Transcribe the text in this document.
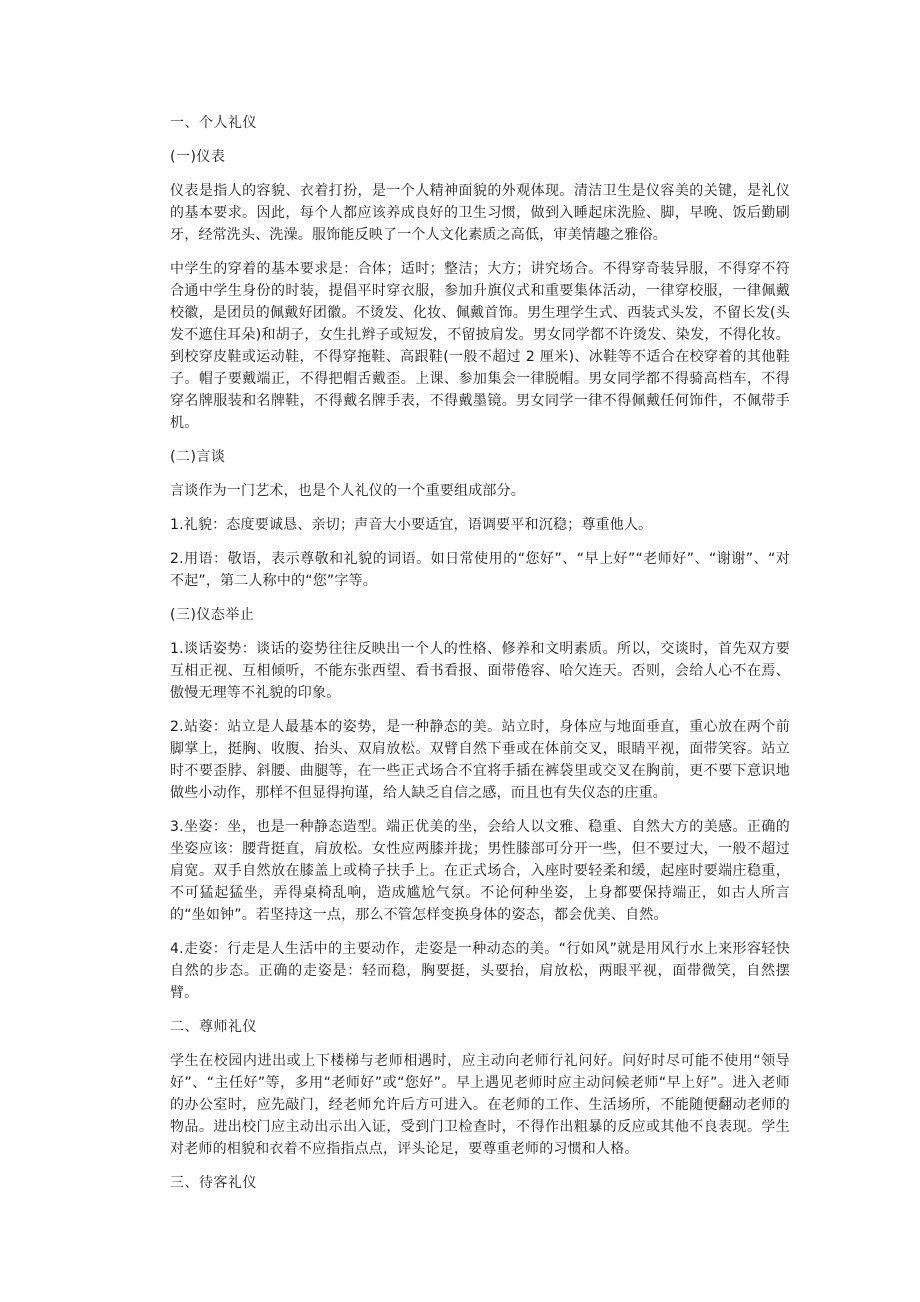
一、个人礼仪
(一)仪表
仪表是指人的容貌、衣着打扮，是一个人精神面貌的外观体现。清洁卫生是仪容美的关键，是礼仪的基本要求。因此，每个人都应该养成良好的卫生习惯，做到入睡起床洗脸、脚，早晚、饭后勤刷牙，经常洗头、洗澡。服饰能反映了一个人文化素质之高低，审美情趣之雅俗。
中学生的穿着的基本要求是：合体；适时；整洁；大方；讲究场合。不得穿奇装异服，不得穿不符合通中学生身份的时装，提倡平时穿衣服，参加升旗仪式和重要集体活动，一律穿校服，一律佩戴校徽，是团员的佩戴好团徽。不烫发、化妆、佩戴首饰。男生理学生式、西装式头发，不留长发(头发不遮住耳朵)和胡子，女生扎辫子或短发，不留披肩发。男女同学都不许烫发、染发，不得化妆。到校穿皮鞋或运动鞋，不得穿拖鞋、高跟鞋(一般不超过 2 厘米)、冰鞋等不适合在校穿着的其他鞋子。帽子要戴端正，不得把帽舌戴歪。上课、参加集会一律脱帽。男女同学都不得骑高档车，不得穿名牌服装和名牌鞋，不得戴名牌手表，不得戴墨镜。男女同学一律不得佩戴任何饰件，不佩带手机。
(二)言谈
言谈作为一门艺术，也是个人礼仪的一个重要组成部分。
1.礼貌：态度要诚恳、亲切；声音大小要适宜，语调要平和沉稳；尊重他人。
2.用语：敬语，表示尊敬和礼貌的词语。如日常使用的“您好”、“早上好”“老师好”、“谢谢”、“对不起”，第二人称中的“您”字等。
(三)仪态举止
1.谈话姿势：谈话的姿势往往反映出一个人的性格、修养和文明素质。所以，交谈时，首先双方要互相正视、互相倾听，不能东张西望、看书看报、面带倦容、哈欠连天。否则，会给人心不在焉、傲慢无理等不礼貌的印象。
2.站姿：站立是人最基本的姿势，是一种静态的美。站立时，身体应与地面垂直，重心放在两个前脚掌上，挺胸、收腹、抬头、双肩放松。双臂自然下垂或在体前交叉，眼睛平视，面带笑容。站立时不要歪脖、斜腰、曲腿等，在一些正式场合不宜将手插在裤袋里或交叉在胸前，更不要下意识地做些小动作，那样不但显得拘谨，给人缺乏自信之感，而且也有失仪态的庄重。
3.坐姿：坐，也是一种静态造型。端正优美的坐，会给人以文雅、稳重、自然大方的美感。正确的坐姿应该：腰背挺直，肩放松。女性应两膝并拢；男性膝部可分开一些，但不要过大，一般不超过肩宽。双手自然放在膝盖上或椅子扶手上。在正式场合，入座时要轻柔和缓，起座时要端庄稳重，不可猛起猛坐，弄得桌椅乱响，造成尴尬气氛。不论何种坐姿，上身都要保持端正，如古人所言的“坐如钟”。若坚持这一点，那么不管怎样变换身体的姿态，都会优美、自然。
4.走姿：行走是人生活中的主要动作，走姿是一种动态的美。“行如风”就是用风行水上来形容轻快自然的步态。正确的走姿是：轻而稳，胸要挺，头要抬，肩放松，两眼平视，面带微笑，自然摆臂。
二、尊师礼仪
学生在校园内进出或上下楼梯与老师相遇时，应主动向老师行礼问好。问好时尽可能不使用“领导好”、“主任好”等，多用“老师好”或“您好”。早上遇见老师时应主动问候老师“早上好”。进入老师的办公室时，应先敲门，经老师允许后方可进入。在老师的工作、生活场所，不能随便翻动老师的物品。进出校门应主动出示出入证，受到门卫检查时，不得作出粗暴的反应或其他不良表现。学生对老师的相貌和衣着不应指指点点，评头论足，要尊重老师的习惯和人格。
三、待客礼仪
